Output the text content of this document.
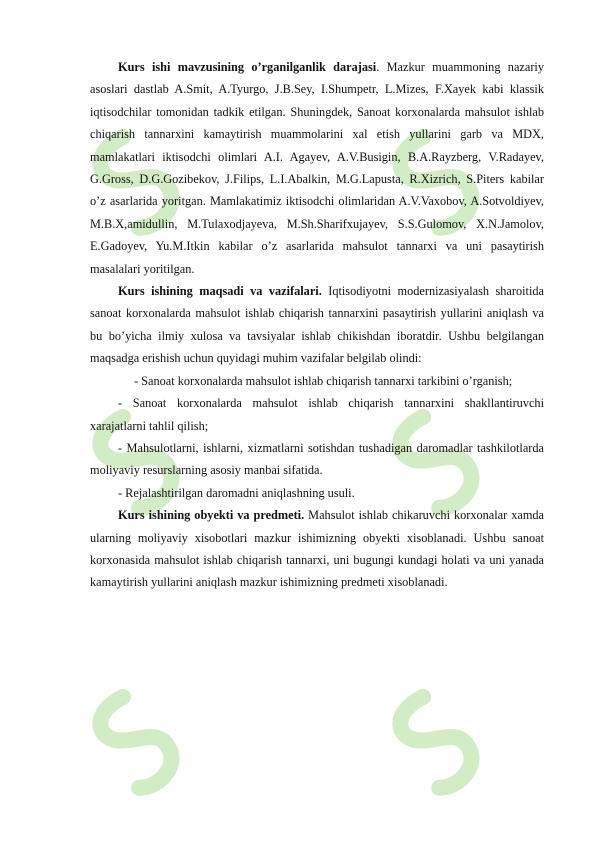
Kurs ishi mavzusining o’rganilganlik darajasi. Mazkur muammoning nazariy asoslari dastlab A.Smit, A.Tyurgo, J.B.Sey, I.Shumpetr, L.Mizes, F.Xayek kabi klassik iqtisodchilar tomonidan tadkik etilgan. Shuningdek, Sanoat korxonalarda mahsulot ishlab chiqarish tannarxini kamaytirish muammolarini xal etish yullarini garb va MDX, mamlakatlari iktisodchi olimlari A.I. Agayev, A.V.Busigin, B.A.Rayzberg, V.Radayev, G.Gross, D.G.Gozibekov, J.Filips, L.I.Abalkin, M.G.Lapusta, R.Xizrich, S.Piters kabilar o’z asarlarida yoritgan. Mamlakatimiz iktisodchi olimlaridan A.V.Vaxobov, A.Sotvoldiyev, M.B.X,amidullin, M.Tulaxodjayeva, M.Sh.Sharifxujayev, S.S.Gulomov, X.N.Jamolov, E.Gadoyev, Yu.M.Itkin kabilar o’z asarlarida mahsulot tannarxi va uni pasaytirish masalalari yoritilgan.

Kurs ishining maqsadi va vazifalari. Iqtisodiyotni modernizasiyalash sharoitida sanoat korxonalarda mahsulot ishlab chiqarish tannarxini pasaytirish yullarini aniqlash va bu bo’yicha ilmiy xulosa va tavsiyalar ishlab chikishdan iboratdir. Ushbu belgilangan maqsadga erishish uchun quyidagi muhim vazifalar belgilab olindi:

- Sanoat korxonalarda mahsulot ishlab chiqarish tannarxi tarkibini o’rganish;

- Sanoat korxonalarda mahsulot ishlab chiqarish tannarxini shakllantiruvchi xarajatlarni tahlil qilish;

- Mahsulotlarni, ishlarni, xizmatlarni sotishdan tushadigan daromadlar tashkilotlarda moliyaviy resurslarning asosiy manbai sifatida.

- Rejalashtirilgan daromadni aniqlashning usuli.

Kurs ishining obyekti va predmeti. Mahsulot ishlab chikaruvchi korxonalar xamda ularning moliyaviy xisobotlari mazkur ishimizning obyekti xisoblanadi. Ushbu sanoat korxonasida mahsulot ishlab chiqarish tannarxi, uni bugungi kundagi holati va uni yanada kamaytirish yullarini aniqlash mazkur ishimizning predmeti xisoblanadi.
